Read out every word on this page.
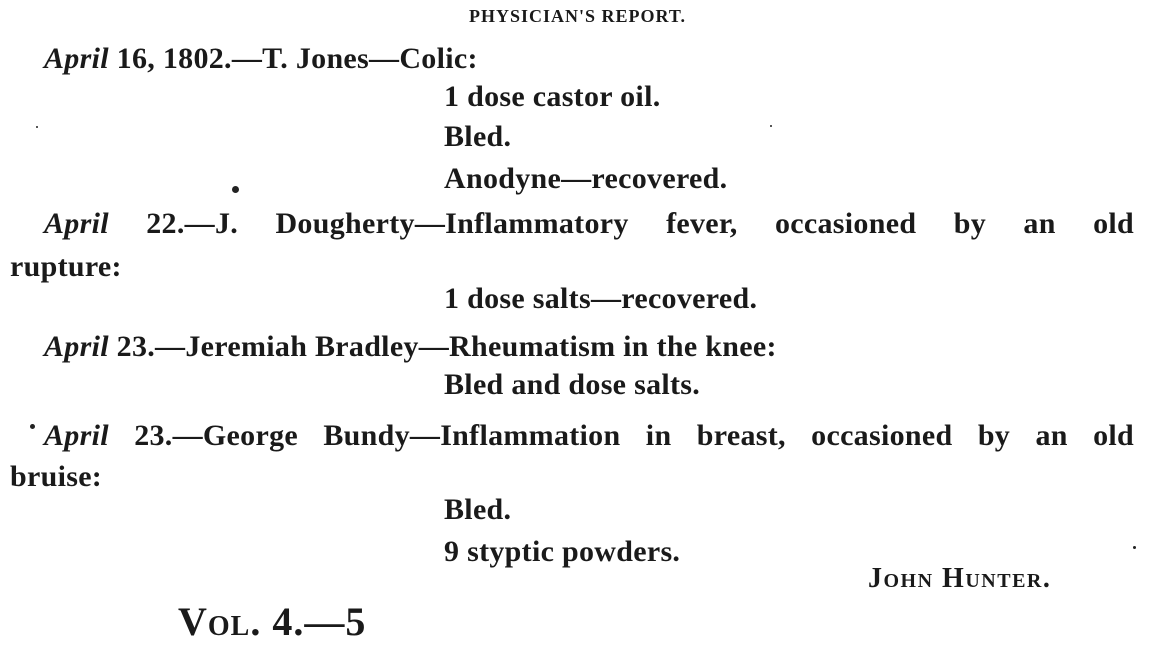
PHYSICIAN'S REPORT.
April 16, 1802.—T. Jones—Colic:
1 dose castor oil.
Bled.
Anodyne—recovered.
April 22.—J. Dougherty—Inflammatory fever, occasioned by an old
rupture:
1 dose salts—recovered.
April 23.—Jeremiah Bradley—Rheumatism in the knee:
Bled and dose salts.
April 23.—George Bundy—Inflammation in breast, occasioned by an old
bruise:
Bled.
9 styptic powders.
John Hunter.
Vol. 4.—5
